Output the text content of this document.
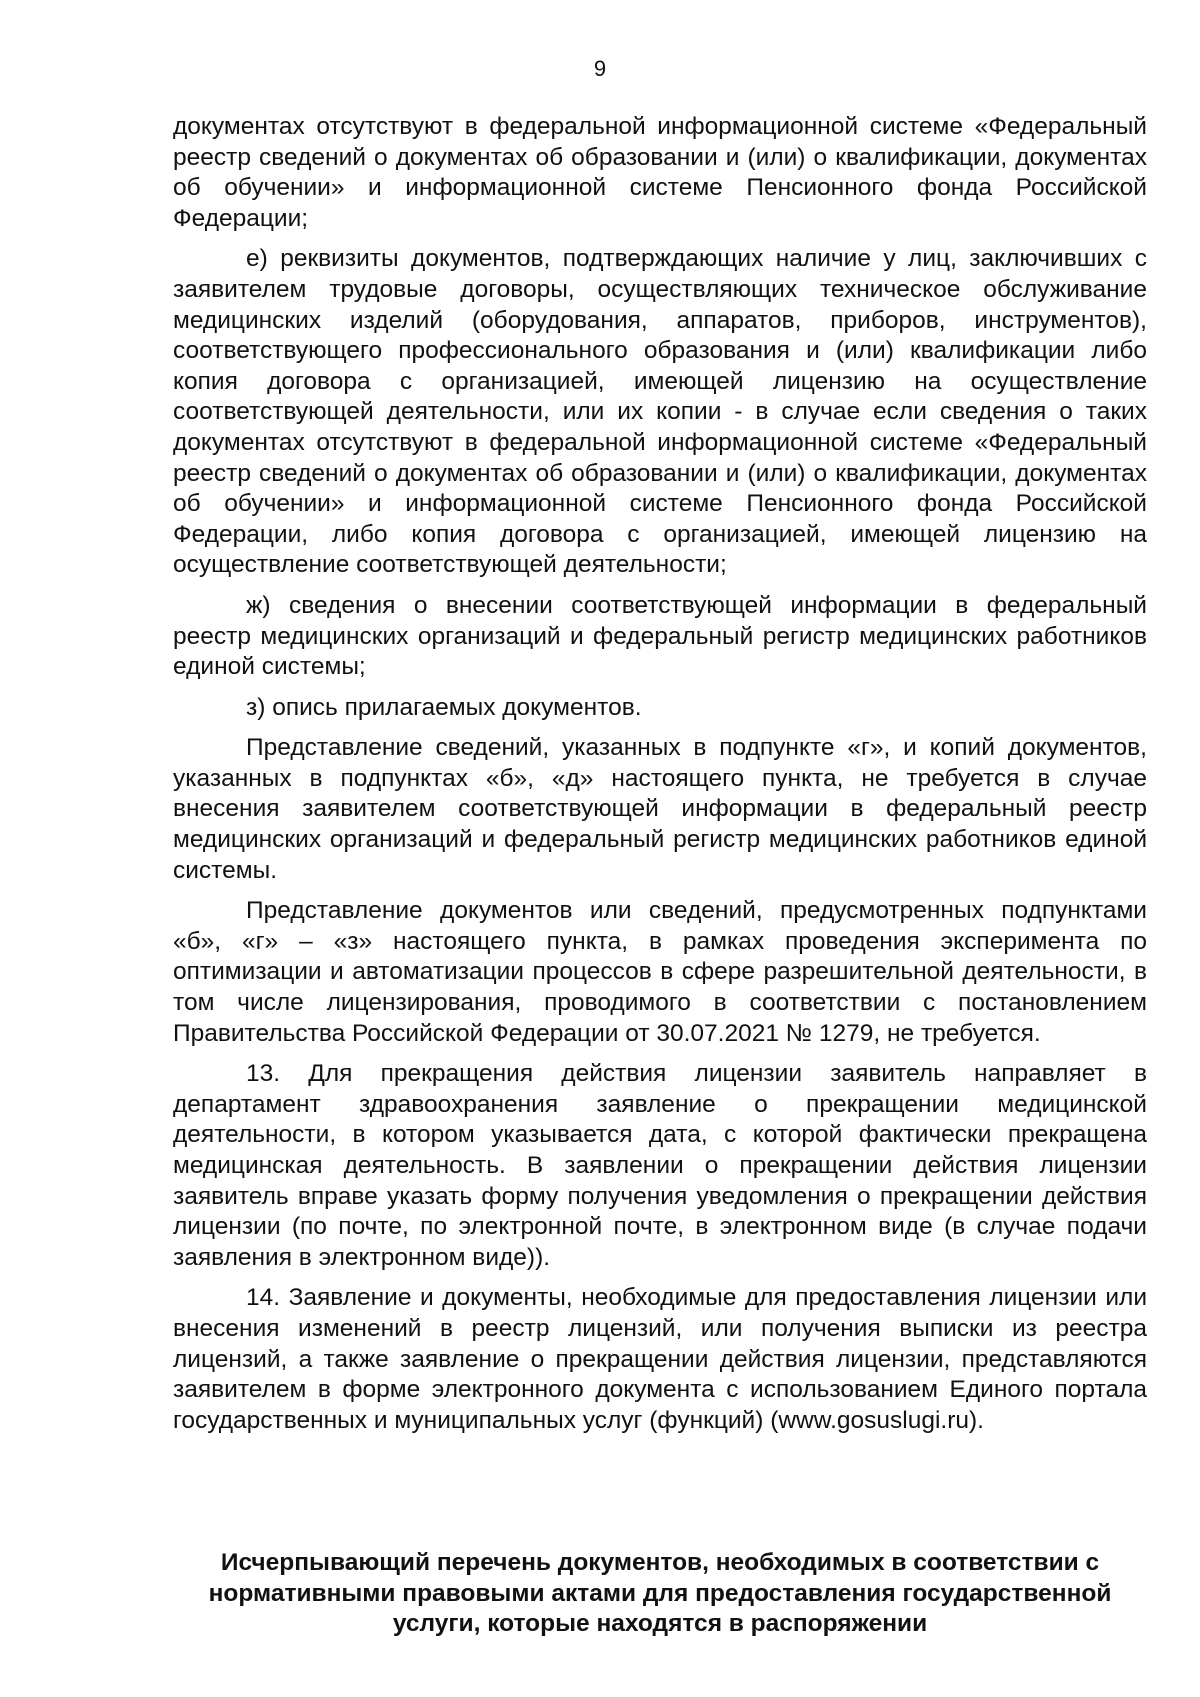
9

документах отсутствуют в федеральной информационной системе «Федеральный реестр сведений о документах об образовании и (или) о квалификации, документах об обучении» и информационной системе Пенсионного фонда Российской Федерации;

е) реквизиты документов, подтверждающих наличие у лиц, заключивших с заявителем трудовые договоры, осуществляющих техническое обслуживание медицинских изделий (оборудования, аппаратов, приборов, инструментов), соответствующего профессионального образования и (или) квалификации либо копия договора с организацией, имеющей лицензию на осуществление соответствующей деятельности, или их копии - в случае если сведения о таких документах отсутствуют в федеральной информационной системе «Федеральный реестр сведений о документах об образовании и (или) о квалификации, документах об обучении» и информационной системе Пенсионного фонда Российской Федерации, либо копия договора с организацией, имеющей лицензию на осуществление соответствующей деятельности;

ж) сведения о внесении соответствующей информации в федеральный реестр медицинских организаций и федеральный регистр медицинских работников единой системы;

з) опись прилагаемых документов.

Представление сведений, указанных в подпункте «г», и копий документов, указанных в подпунктах «б», «д» настоящего пункта, не требуется в случае внесения заявителем соответствующей информации в федеральный реестр медицинских организаций и федеральный регистр медицинских работников единой системы.

Представление документов или сведений, предусмотренных подпунктами «б», «г» – «з» настоящего пункта, в рамках проведения эксперимента по оптимизации и автоматизации процессов в сфере разрешительной деятельности, в том числе лицензирования, проводимого в соответствии с постановлением Правительства Российской Федерации от 30.07.2021 № 1279, не требуется.

13. Для прекращения действия лицензии заявитель направляет в департамент здравоохранения заявление о прекращении медицинской деятельности, в котором указывается дата, с которой фактически прекращена медицинская деятельность. В заявлении о прекращении действия лицензии заявитель вправе указать форму получения уведомления о прекращении действия лицензии (по почте, по электронной почте, в электронном виде (в случае подачи заявления в электронном виде)).

14. Заявление и документы, необходимые для предоставления лицензии или внесения изменений в реестр лицензий, или получения выписки из реестра лицензий, а также заявление о прекращении действия лицензии, представляются заявителем в форме электронного документа с использованием Единого портала государственных и муниципальных услуг (функций) (www.gosuslugi.ru).

Исчерпывающий перечень документов, необходимых в соответствии с нормативными правовыми актами для предоставления государственной услуги, которые находятся в распоряжении
